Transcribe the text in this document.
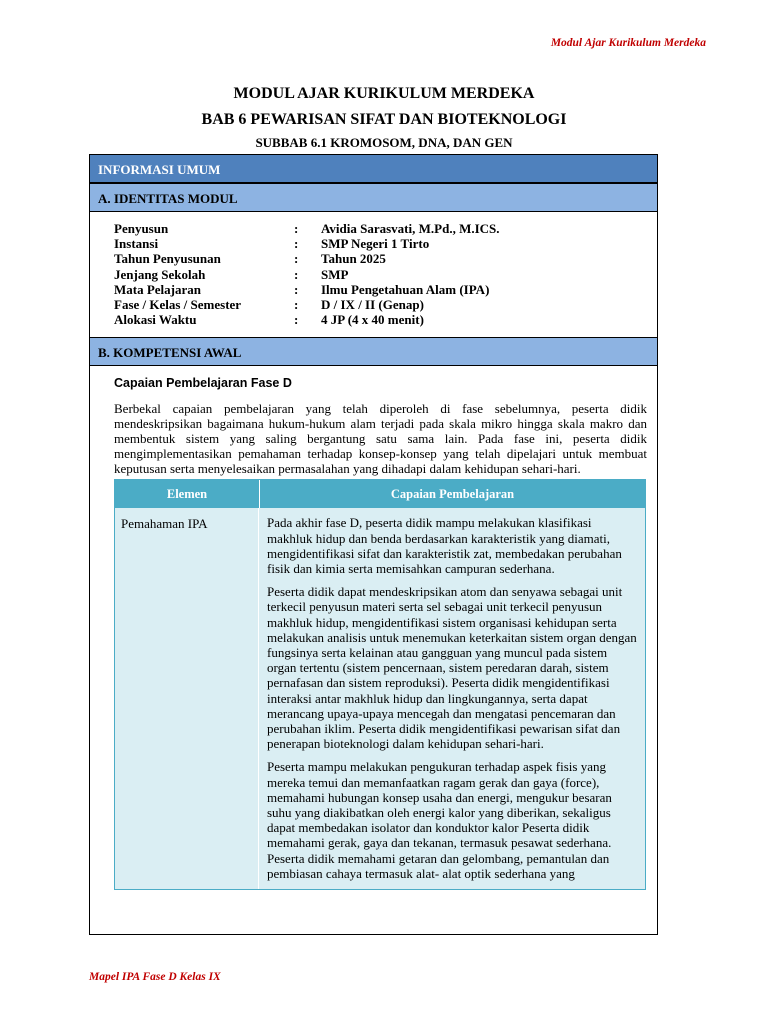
Modul Ajar Kurikulum Merdeka
MODUL AJAR KURIKULUM MERDEKA
BAB 6 PEWARISAN SIFAT DAN BIOTEKNOLOGI
SUBBAB 6.1 KROMOSOM, DNA, DAN GEN
INFORMASI UMUM
A. IDENTITAS MODUL
Penyusun	:	Avidia Sarasvati, M.Pd., M.ICS.
Instansi	:	SMP Negeri 1 Tirto
Tahun Penyusunan	:	Tahun 2025
Jenjang Sekolah	:	SMP
Mata Pelajaran	:	Ilmu Pengetahuan Alam (IPA)
Fase / Kelas / Semester	:	D / IX / II (Genap)
Alokasi Waktu	:	4 JP (4 x 40 menit)
B. KOMPETENSI AWAL
Capaian Pembelajaran Fase D
Berbekal capaian pembelajaran yang telah diperoleh di fase sebelumnya, peserta didik mendeskripsikan bagaimana hukum-hukum alam terjadi pada skala mikro hingga skala makro dan membentuk sistem yang saling bergantung satu sama lain. Pada fase ini, peserta didik mengimplementasikan pemahaman terhadap konsep-konsep yang telah dipelajari untuk membuat keputusan serta menyelesaikan permasalahan yang dihadapi dalam kehidupan sehari-hari.
Elemen	Capaian Pembelajaran
Pemahaman IPA	Pada akhir fase D, peserta didik mampu melakukan klasifikasi makhluk hidup dan benda berdasarkan karakteristik yang diamati, mengidentifikasi sifat dan karakteristik zat, membedakan perubahan fisik dan kimia serta memisahkan campuran sederhana.

Peserta didik dapat mendeskripsikan atom dan senyawa sebagai unit terkecil penyusun materi serta sel sebagai unit terkecil penyusun makhluk hidup, mengidentifikasi sistem organisasi kehidupan serta melakukan analisis untuk menemukan keterkaitan sistem organ dengan fungsinya serta kelainan atau gangguan yang muncul pada sistem organ tertentu (sistem pencernaan, sistem peredaran darah, sistem pernafasan dan sistem reproduksi). Peserta didik mengidentifikasi interaksi antar makhluk hidup dan lingkungannya, serta dapat merancang upaya-upaya mencegah dan mengatasi pencemaran dan perubahan iklim. Peserta didik mengidentifikasi pewarisan sifat dan penerapan bioteknologi dalam kehidupan sehari-hari.

Peserta mampu melakukan pengukuran terhadap aspek fisis yang mereka temui dan memanfaatkan ragam gerak dan gaya (force), memahami hubungan konsep usaha dan energi, mengukur besaran suhu yang diakibatkan oleh energi kalor yang diberikan, sekaligus dapat membedakan isolator dan konduktor kalor Peserta didik memahami gerak, gaya dan tekanan, termasuk pesawat sederhana. Peserta didik memahami getaran dan gelombang, pemantulan dan pembiasan cahaya termasuk alat- alat optik sederhana yang

Mapel IPA Fase D Kelas IX
